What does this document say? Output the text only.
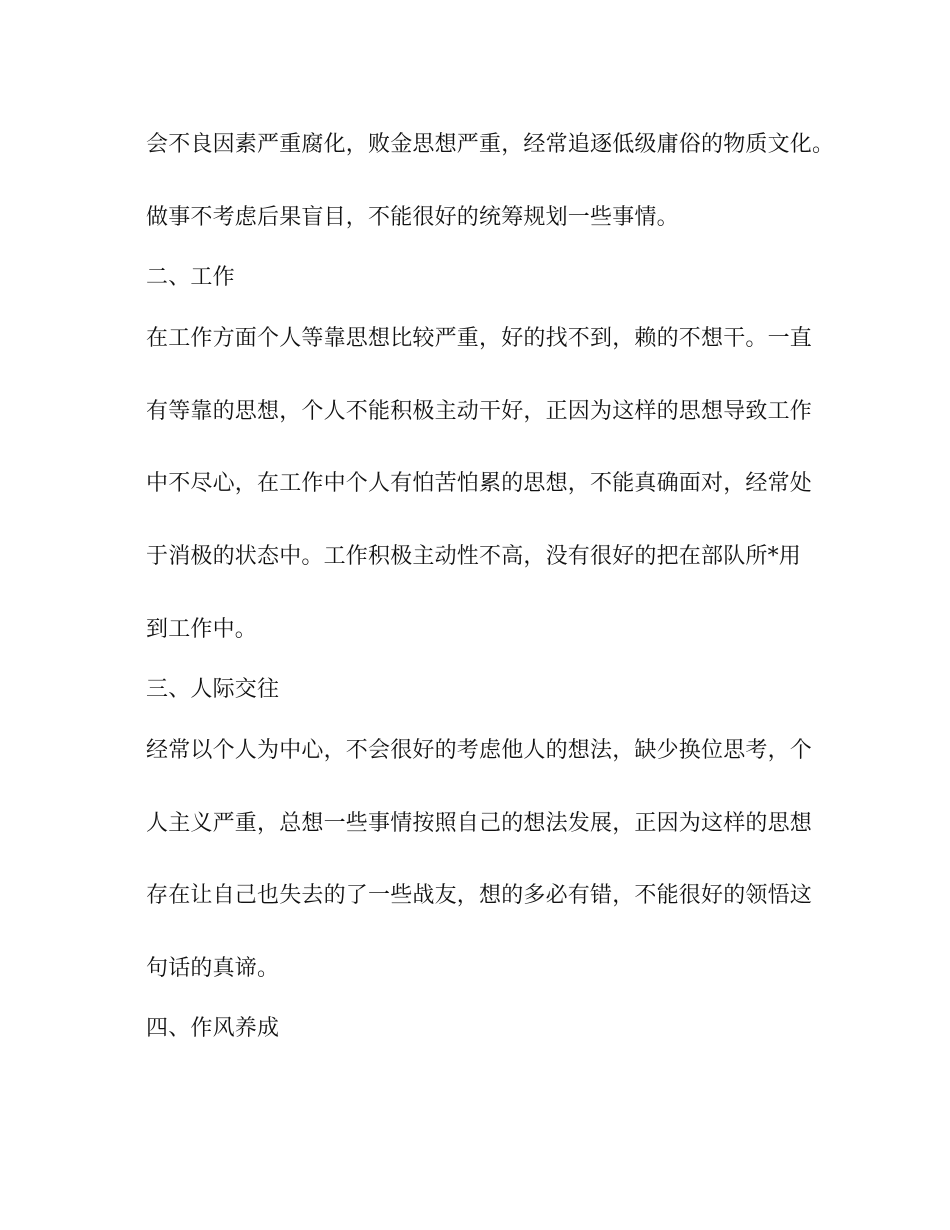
会不良因素严重腐化，败金思想严重，经常追逐低级庸俗的物质文化。
做事不考虑后果盲目，不能很好的统筹规划一些事情。
二、工作
在工作方面个人等靠思想比较严重，好的找不到，赖的不想干。一直
有等靠的思想，个人不能积极主动干好，正因为这样的思想导致工作
中不尽心，在工作中个人有怕苦怕累的思想，不能真确面对，经常处
于消极的状态中。工作积极主动性不高，没有很好的把在部队所*用
到工作中。
三、人际交往
经常以个人为中心，不会很好的考虑他人的想法，缺少换位思考，个
人主义严重，总想一些事情按照自己的想法发展，正因为这样的思想
存在让自己也失去的了一些战友，想的多必有错，不能很好的领悟这
句话的真谛。
四、作风养成
